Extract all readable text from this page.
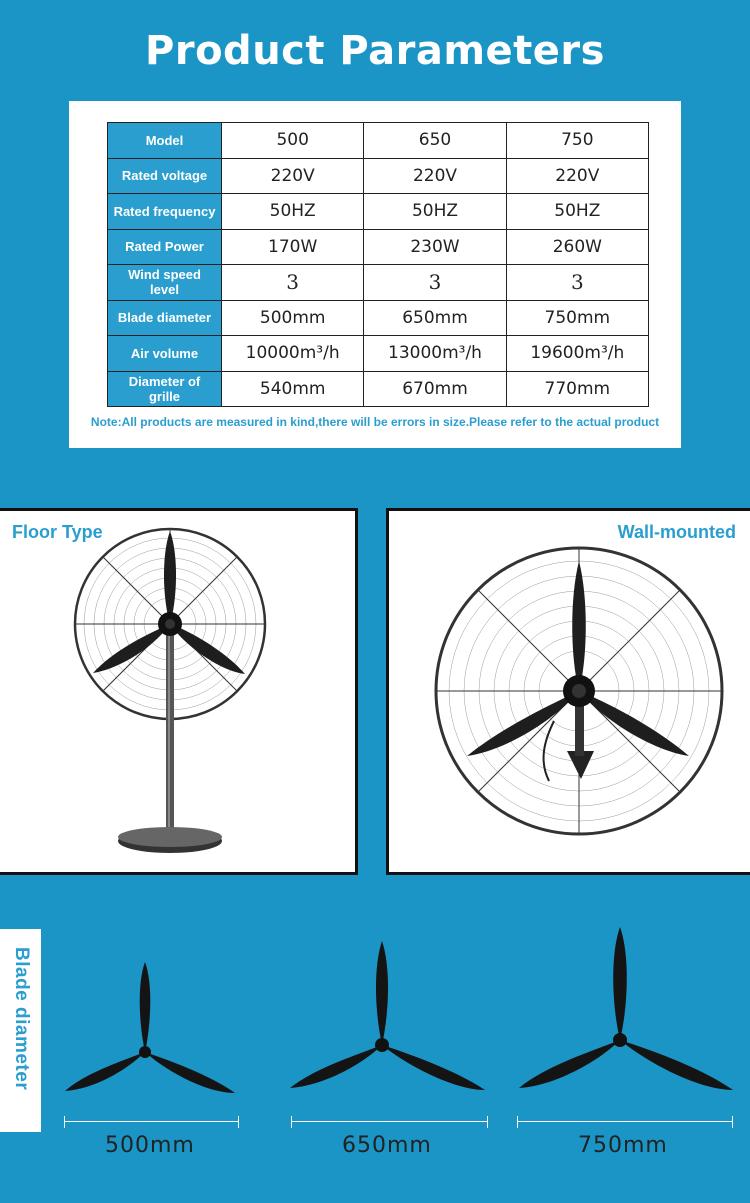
Product Parameters
Model	500	650	750
Rated voltage	220V	220V	220V
Rated frequency	50HZ	50HZ	50HZ
Rated Power	170W	230W	260W
Wind speed level	3	3	3
Blade diameter	500mm	650mm	750mm
Air volume	10000m³/h	13000m³/h	19600m³/h
Diameter of grille	540mm	670mm	770mm
Note:All products are measured in kind,there will be errors in size.Please refer to the actual product
Floor Type	Wall-mounted
Blade diameter
500mm	650mm	750mm
